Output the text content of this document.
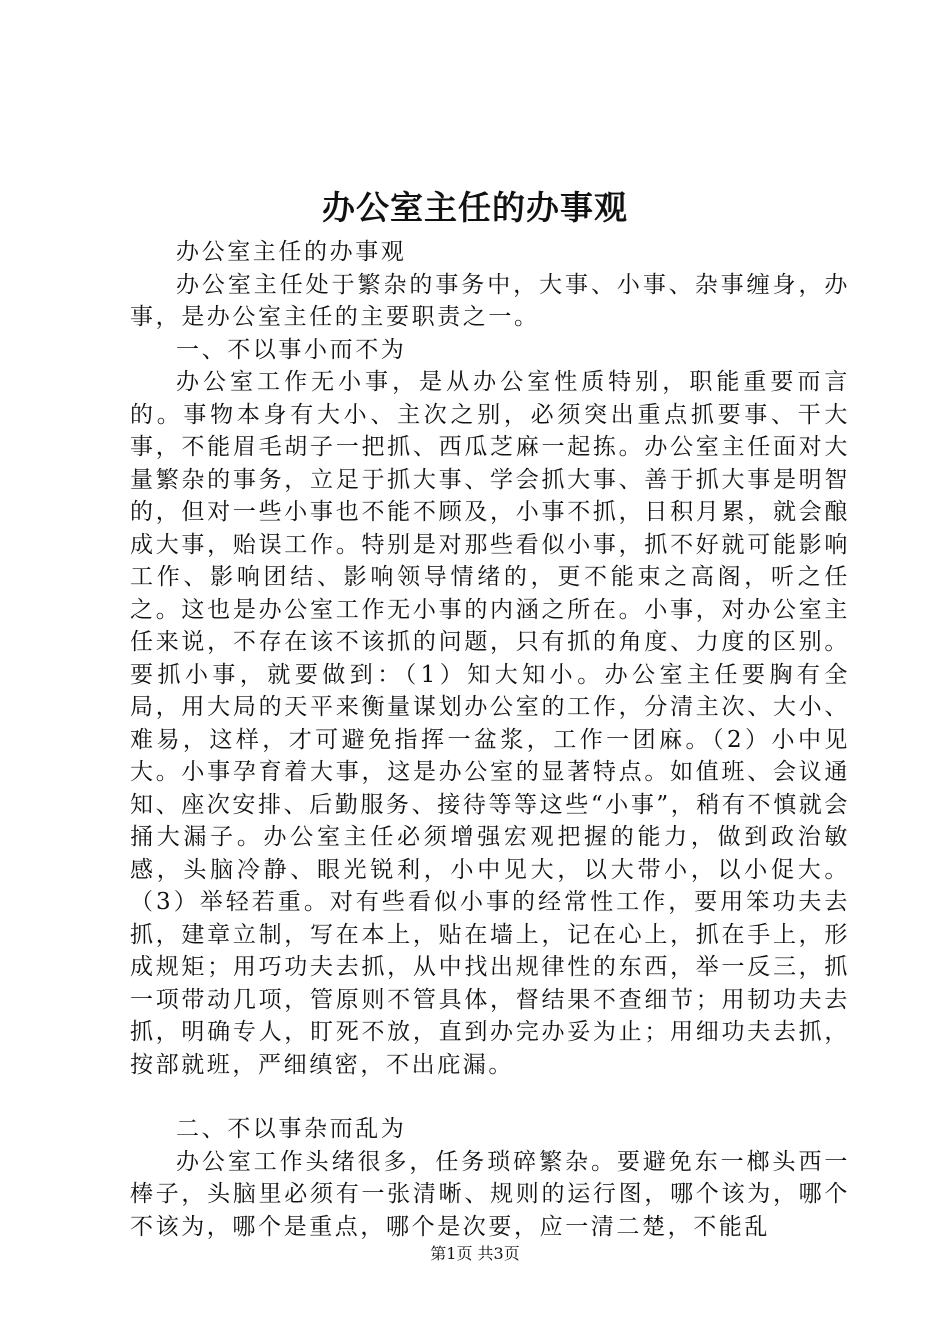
办公室主任的办事观

办公室主任的办事观

办公室主任处于繁杂的事务中，大事、小事、杂事缠身，办事，是办公室主任的主要职责之一。

一、不以事小而不为

办公室工作无小事，是从办公室性质特别，职能重要而言的。事物本身有大小、主次之别，必须突出重点抓要事、干大事，不能眉毛胡子一把抓、西瓜芝麻一起拣。办公室主任面对大量繁杂的事务，立足于抓大事、学会抓大事、善于抓大事是明智的，但对一些小事也不能不顾及，小事不抓，日积月累，就会酿成大事，贻误工作。特别是对那些看似小事，抓不好就可能影响工作、影响团结、影响领导情绪的，更不能束之高阁，听之任之。这也是办公室工作无小事的内涵之所在。小事，对办公室主任来说，不存在该不该抓的问题，只有抓的角度、力度的区别。要抓小事，就要做到：（1）知大知小。办公室主任要胸有全局，用大局的天平来衡量谋划办公室的工作，分清主次、大小、难易，这样，才可避免指挥一盆浆，工作一团麻。（2）小中见大。小事孕育着大事，这是办公室的显著特点。如值班、会议通知、座次安排、后勤服务、接待等等这些“小事”，稍有不慎就会捅大漏子。办公室主任必须增强宏观把握的能力，做到政治敏感，头脑冷静、眼光锐利，小中见大，以大带小，以小促大。（3）举轻若重。对有些看似小事的经常性工作，要用笨功夫去抓，建章立制，写在本上，贴在墙上，记在心上，抓在手上，形成规矩；用巧功夫去抓，从中找出规律性的东西，举一反三，抓一项带动几项，管原则不管具体，督结果不查细节；用韧功夫去抓，明确专人，盯死不放，直到办完办妥为止；用细功夫去抓，按部就班，严细缜密，不出庇漏。

二、不以事杂而乱为

办公室工作头绪很多，任务琐碎繁杂。要避免东一榔头西一棒子，头脑里必须有一张清晰、规则的运行图，哪个该为，哪个不该为，哪个是重点，哪个是次要，应一清二楚，不能乱

第1页 共3页
